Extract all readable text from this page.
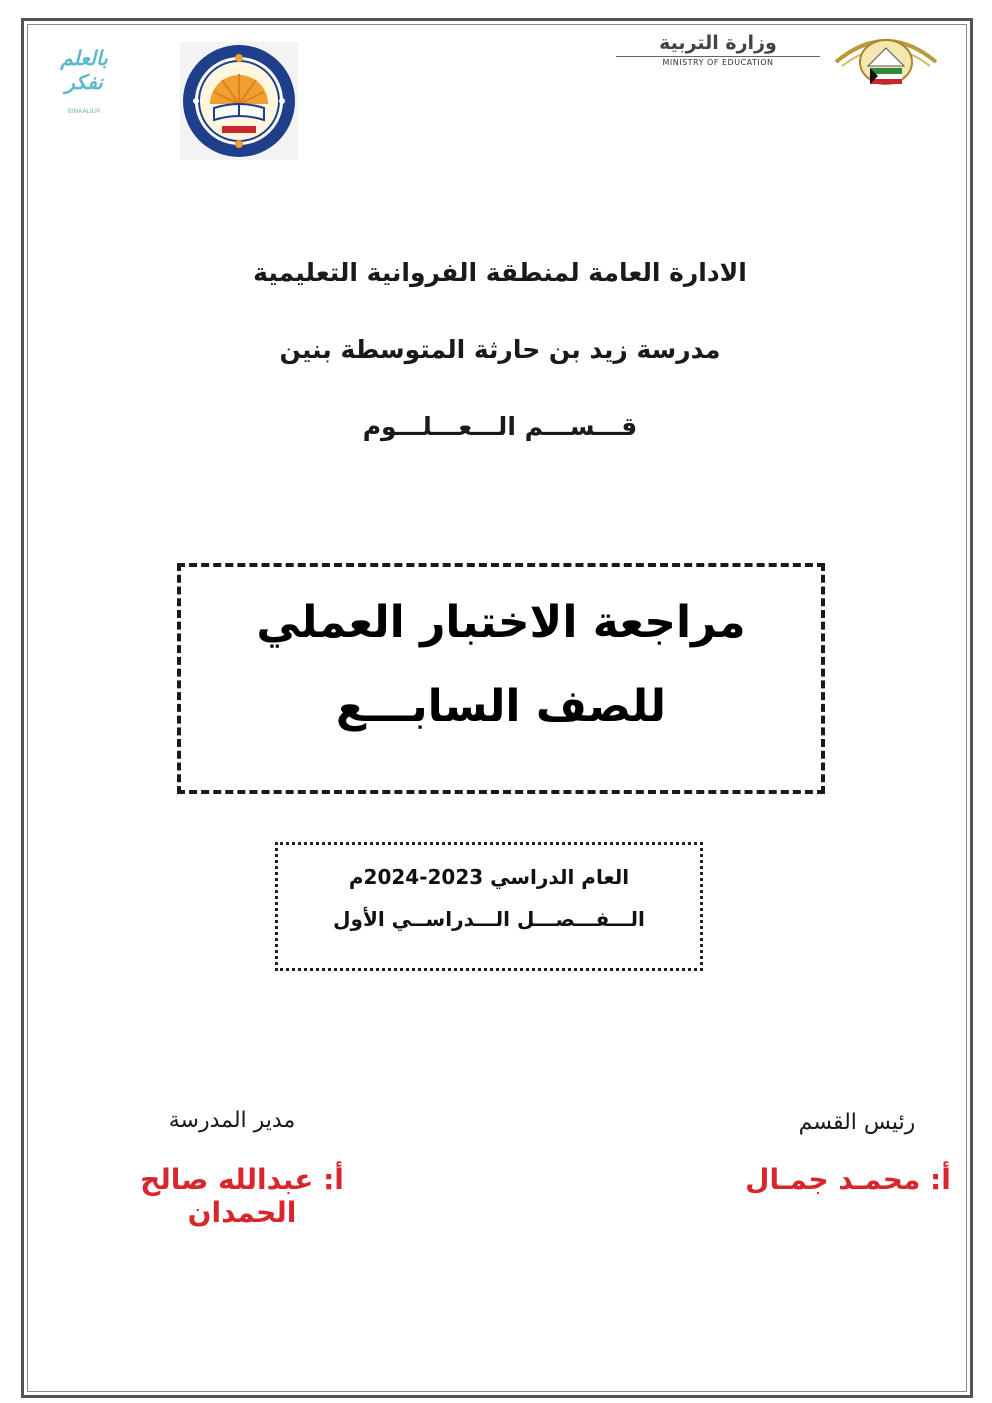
وزارة التربية
MINISTRY OF EDUCATION
بالعلم نفكر
BINAALILM
الادارة العامة لمنطقة الفروانية التعليمية
مدرسة زيد بن حارثة المتوسطة بنين
قـــســـم الـــعـــلـــوم
مراجعة الاختبار العملي
للصف السابـــع
العام الدراسي 2023-2024م
الـــفـــصـــل الـــدراســي الأول
مدير المدرسة
أ: عبدالله صالح الحمدان
رئيس القسم
أ: محمـد جمـال
